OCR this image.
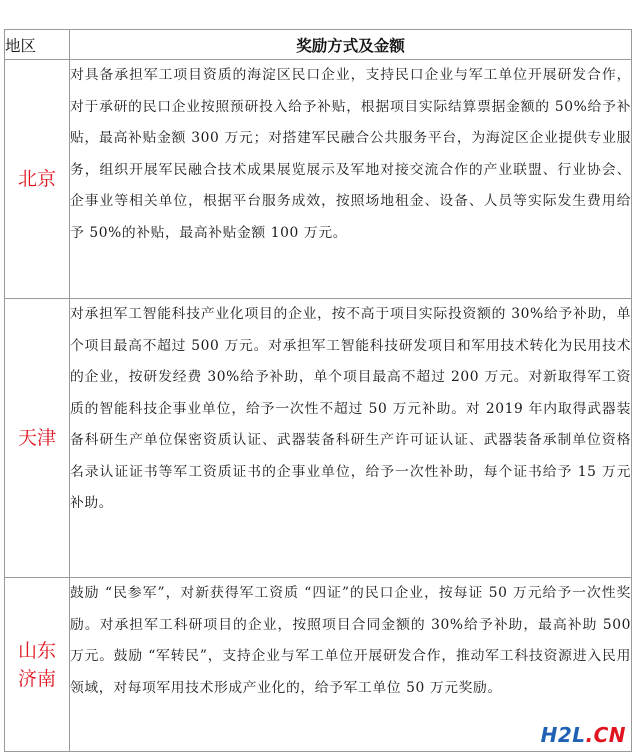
地区	奖励方式及金额
北京	对具备承担军工项目资质的海淀区民口企业，支持民口企业与军工单位开展研发合作，对于承研的民口企业按照预研投入给予补贴，根据项目实际结算票据金额的 50%给予补贴，最高补贴金额 300 万元；对搭建军民融合公共服务平台，为海淀区企业提供专业服务，组织开展军民融合技术成果展览展示及军地对接交流合作的产业联盟、行业协会、企事业等相关单位，根据平台服务成效，按照场地租金、设备、人员等实际发生费用给予 50%的补贴，最高补贴金额 100 万元。
天津	对承担军工智能科技产业化项目的企业，按不高于项目实际投资额的 30%给予补助，单个项目最高不超过 500 万元。对承担军工智能科技研发项目和军用技术转化为民用技术的企业，按研发经费 30%给予补助，单个项目最高不超过 200 万元。对新取得军工资质的智能科技企事业单位，给予一次性不超过 50 万元补助。对 2019 年内取得武器装备科研生产单位保密资质认证、武器装备科研生产许可证认证、武器装备承制单位资格名录认证证书等军工资质证书的企事业单位，给予一次性补助，每个证书给予 15 万元补助。

山东
济南	鼓励 “民参军”，对新获得军工资质 “四证”的民口企业，按每证 50 万元给予一次性奖励。对承担军工科研项目的企业，按照项目合同金额的 30%给予补助，最高补助 500 万元。鼓励 “军转民”，支持企业与军工单位开展研发合作，推动军工科技资源进入民用领域，对每项军用技术形成产业化的，给予军工单位 50 万元奖励。
H2L.CN
